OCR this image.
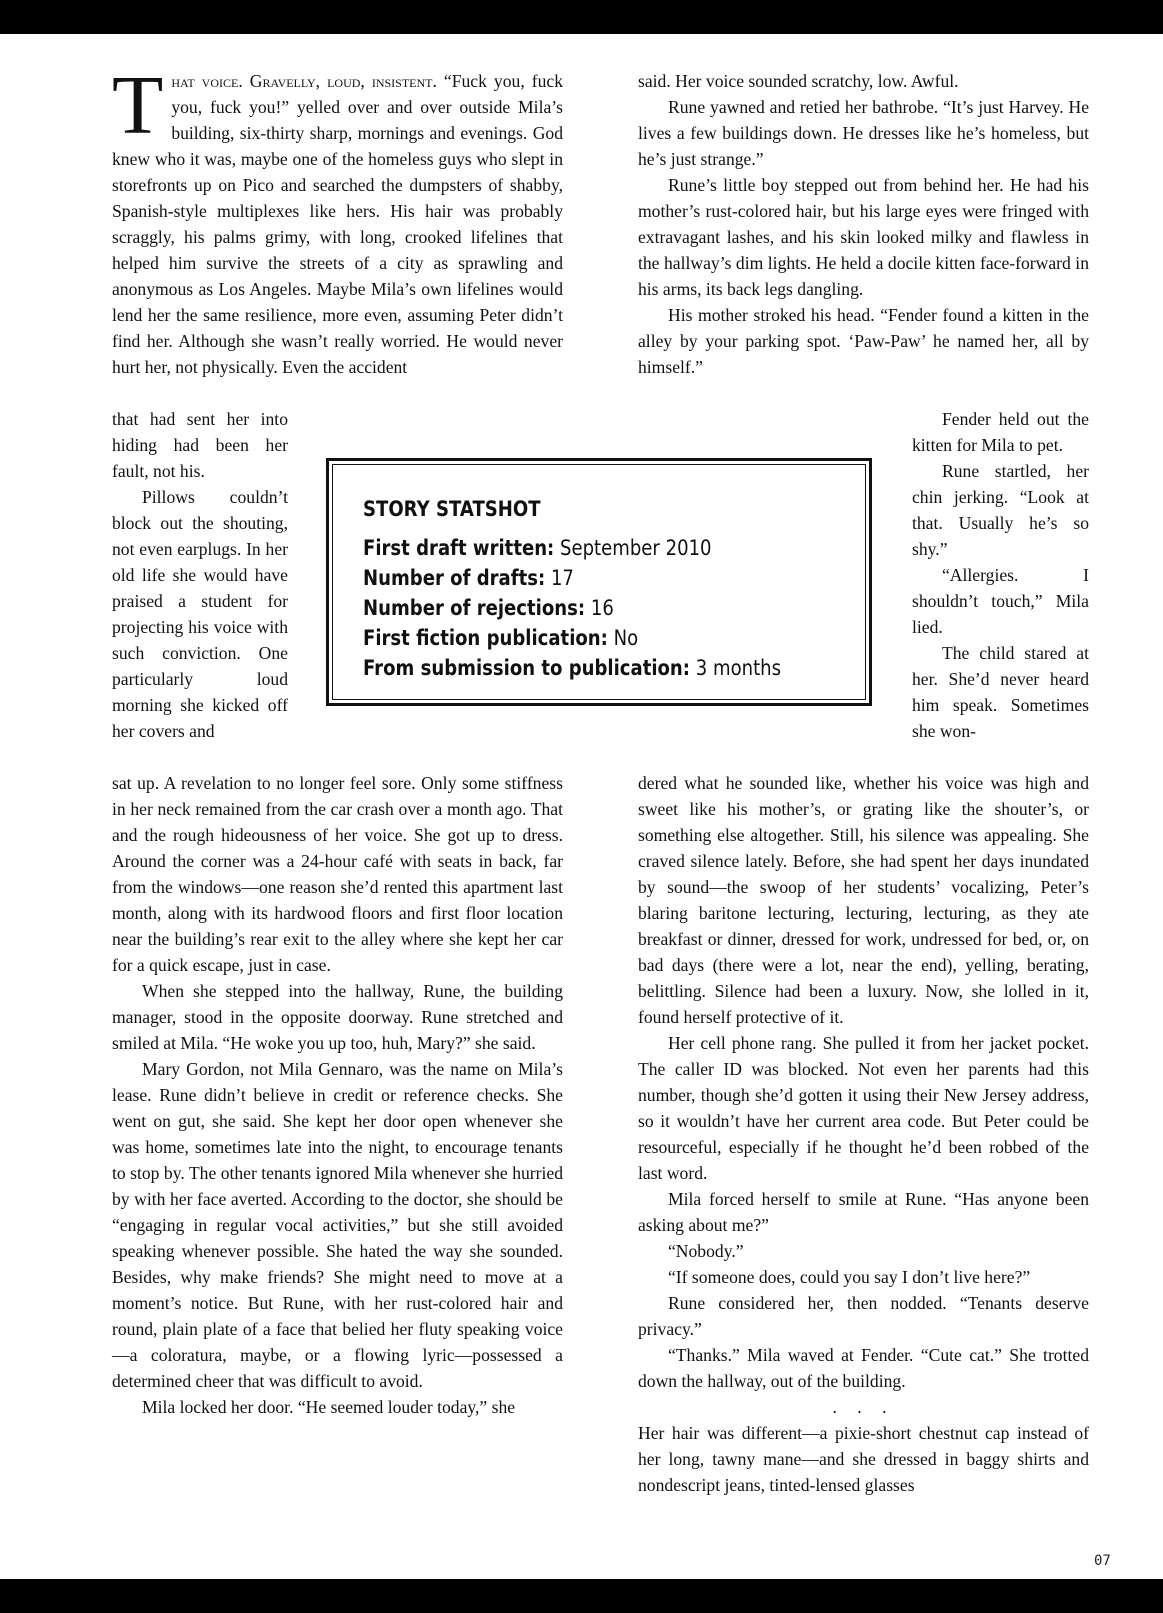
That voice. Gravelly, loud, insistent. “Fuck you, fuck you, fuck you!” yelled over and over outside Mila’s building, six-thirty sharp, mornings and evenings. God knew who it was, maybe one of the homeless guys who slept in storefronts up on Pico and searched the dumpsters of shabby, Spanish-style multiplexes like hers. His hair was probably scraggly, his palms grimy, with long, crooked lifelines that helped him survive the streets of a city as sprawling and anonymous as Los Angeles. Maybe Mila’s own lifelines would lend her the same resilience, more even, assuming Peter didn’t find her. Although she wasn’t really worried. He would never hurt her, not physically. Even the accident

that had sent her into hiding had been her fault, not his.

Pillows couldn’t block out the shouting, not even earplugs. In her old life she would have praised a student for projecting his voice with such conviction. One particularly loud morning she kicked off her covers and

sat up. A revelation to no longer feel sore. Only some stiffness in her neck remained from the car crash over a month ago. That and the rough hideousness of her voice. She got up to dress. Around the corner was a 24-hour café with seats in back, far from the windows—one reason she’d rented this apartment last month, along with its hardwood floors and first floor location near the building’s rear exit to the alley where she kept her car for a quick escape, just in case.

When she stepped into the hallway, Rune, the building manager, stood in the opposite doorway. Rune stretched and smiled at Mila. “He woke you up too, huh, Mary?” she said.

Mary Gordon, not Mila Gennaro, was the name on Mila’s lease. Rune didn’t believe in credit or reference checks. She went on gut, she said. She kept her door open whenever she was home, sometimes late into the night, to encourage tenants to stop by. The other tenants ignored Mila whenever she hurried by with her face averted. According to the doctor, she should be “engaging in regular vocal activities,” but she still avoided speaking whenever possible. She hated the way she sounded. Besides, why make friends? She might need to move at a moment’s notice. But Rune, with her rust-colored hair and round, plain plate of a face that belied her fluty speaking voice—a coloratura, maybe, or a flowing lyric—possessed a determined cheer that was difficult to avoid.

Mila locked her door. “He seemed louder today,” she

said. Her voice sounded scratchy, low. Awful.

Rune yawned and retied her bathrobe. “It’s just Harvey. He lives a few buildings down. He dresses like he’s homeless, but he’s just strange.”

Rune’s little boy stepped out from behind her. He had his mother’s rust-colored hair, but his large eyes were fringed with extravagant lashes, and his skin looked milky and flawless in the hallway’s dim lights. He held a docile kitten face-forward in his arms, its back legs dangling.

His mother stroked his head. “Fender found a kitten in the alley by your parking spot. ‘Paw-Paw’ he named her, all by himself.”

Fender held out the kitten for Mila to pet.

Rune startled, her chin jerking. “Look at that. Usually he’s so shy.”

“Allergies. I shouldn’t touch,” Mila lied.

The child stared at her. She’d never heard him speak. Sometimes she won-

dered what he sounded like, whether his voice was high and sweet like his mother’s, or grating like the shouter’s, or something else altogether. Still, his silence was appealing. She craved silence lately. Before, she had spent her days inundated by sound—the swoop of her students’ vocalizing, Peter’s blaring baritone lecturing, lecturing, lecturing, as they ate breakfast or dinner, dressed for work, undressed for bed, or, on bad days (there were a lot, near the end), yelling, berating, belittling. Silence had been a luxury. Now, she lolled in it, found herself protective of it.

Her cell phone rang. She pulled it from her jacket pocket. The caller ID was blocked. Not even her parents had this number, though she’d gotten it using their New Jersey address, so it wouldn’t have her current area code. But Peter could be resourceful, especially if he thought he’d been robbed of the last word.

Mila forced herself to smile at Rune. “Has anyone been asking about me?”

“Nobody.”

“If someone does, could you say I don’t live here?”

Rune considered her, then nodded. “Tenants deserve privacy.”

“Thanks.” Mila waved at Fender. “Cute cat.” She trotted down the hallway, out of the building.

. . .

Her hair was different—a pixie-short chestnut cap instead of her long, tawny mane—and she dressed in baggy shirts and nondescript jeans, tinted-lensed glasses

STORY STATSHOT
First draft written: September 2010
Number of drafts: 17
Number of rejections: 16
First fiction publication: No
From submission to publication: 3 months
07
